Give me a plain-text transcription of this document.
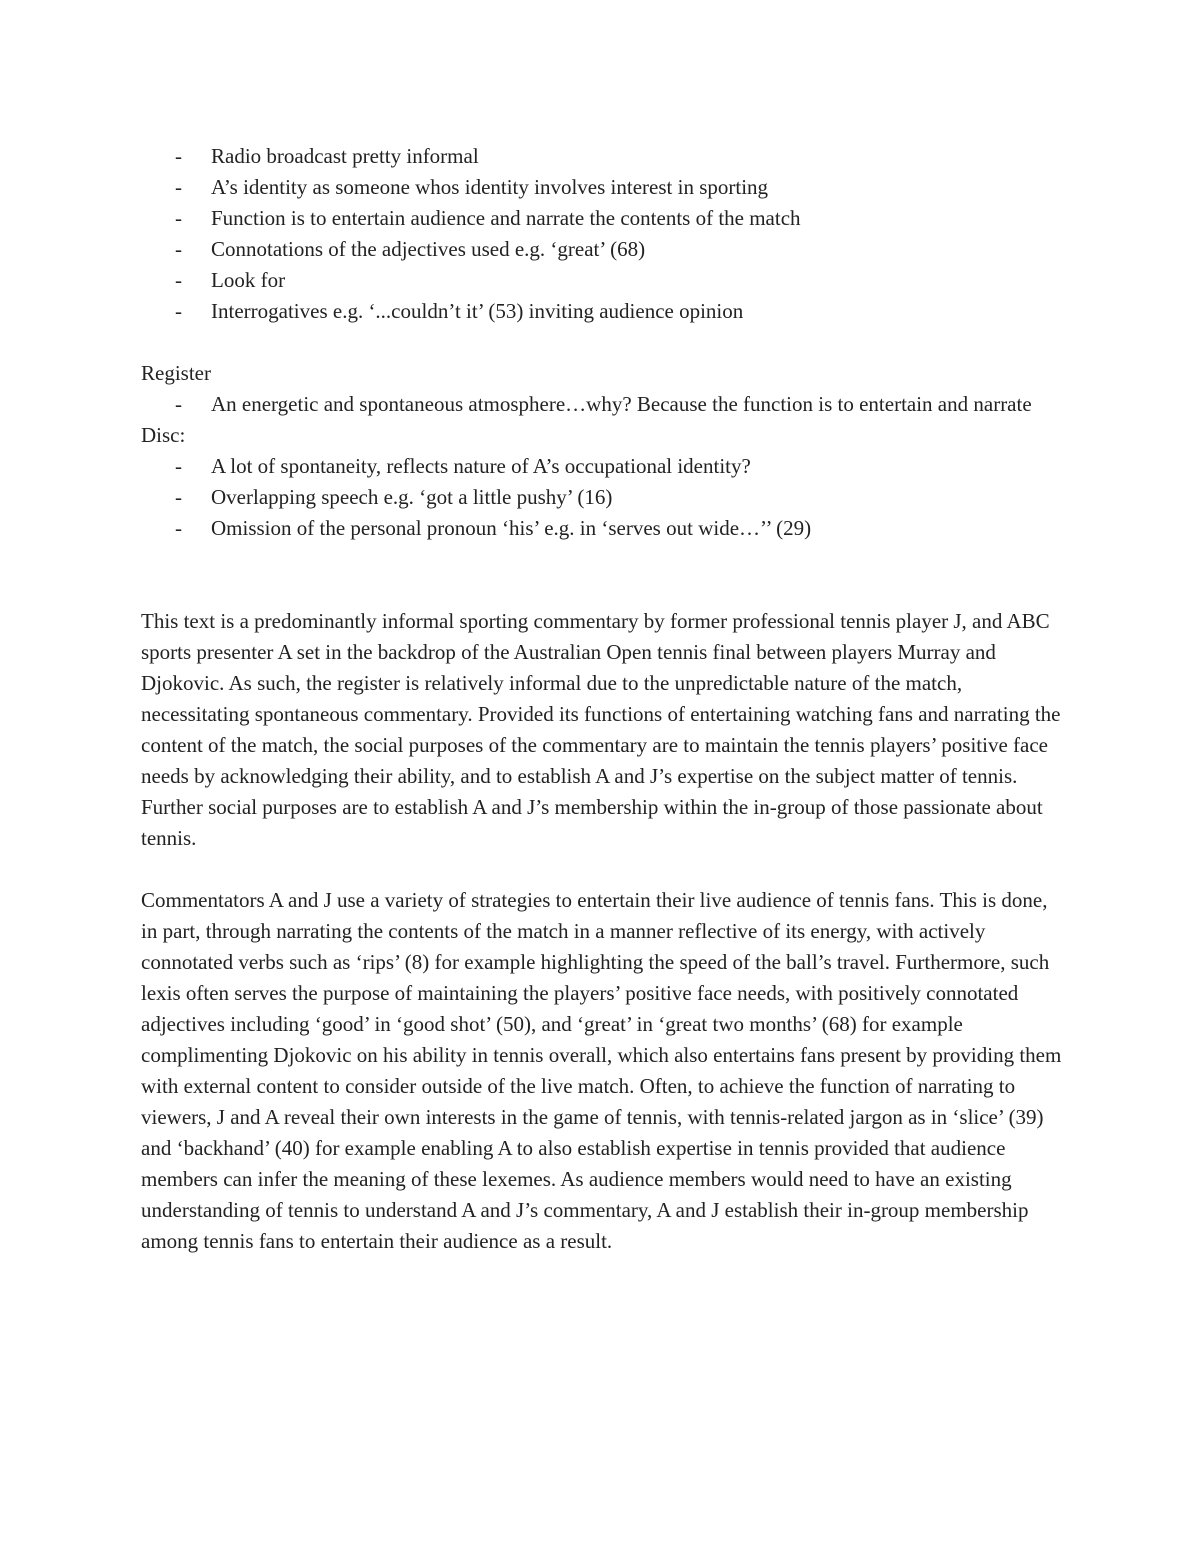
- Radio broadcast pretty informal
- A’s identity as someone whos identity involves interest in sporting
- Function is to entertain audience and narrate the contents of the match
- Connotations of the adjectives used e.g. ‘great’ (68)
- Look for
- Interrogatives e.g. ‘...couldn’t it’ (53) inviting audience opinion
Register
- An energetic and spontaneous atmosphere…why? Because the function is to entertain and narrate
Disc:
- A lot of spontaneity, reflects nature of A’s occupational identity?
- Overlapping speech e.g. ‘got a little pushy’ (16)
- Omission of the personal pronoun ‘his’ e.g. in ‘serves out wide…’’ (29)

This text is a predominantly informal sporting commentary by former professional tennis player J, and ABC sports presenter A set in the backdrop of the Australian Open tennis final between players Murray and Djokovic. As such, the register is relatively informal due to the unpredictable nature of the match, necessitating spontaneous commentary. Provided its functions of entertaining watching fans and narrating the content of the match, the social purposes of the commentary are to maintain the tennis players’ positive face needs by acknowledging their ability, and to establish A and J’s expertise on the subject matter of tennis. Further social purposes are to establish A and J’s membership within the in-group of those passionate about tennis.

Commentators A and J use a variety of strategies to entertain their live audience of tennis fans. This is done, in part, through narrating the contents of the match in a manner reflective of its energy, with actively connotated verbs such as ‘rips’ (8) for example highlighting the speed of the ball’s travel. Furthermore, such lexis often serves the purpose of maintaining the players’ positive face needs, with positively connotated adjectives including ‘good’ in ‘good shot’ (50), and ‘great’ in ‘great two months’ (68) for example complimenting Djokovic on his ability in tennis overall, which also entertains fans present by providing them with external content to consider outside of the live match. Often, to achieve the function of narrating to viewers, J and A reveal their own interests in the game of tennis, with tennis-related jargon as in ‘slice’ (39) and ‘backhand’ (40) for example enabling A to also establish expertise in tennis provided that audience members can infer the meaning of these lexemes. As audience members would need to have an existing understanding of tennis to understand A and J’s commentary, A and J establish their in-group membership among tennis fans to entertain their audience as a result.
